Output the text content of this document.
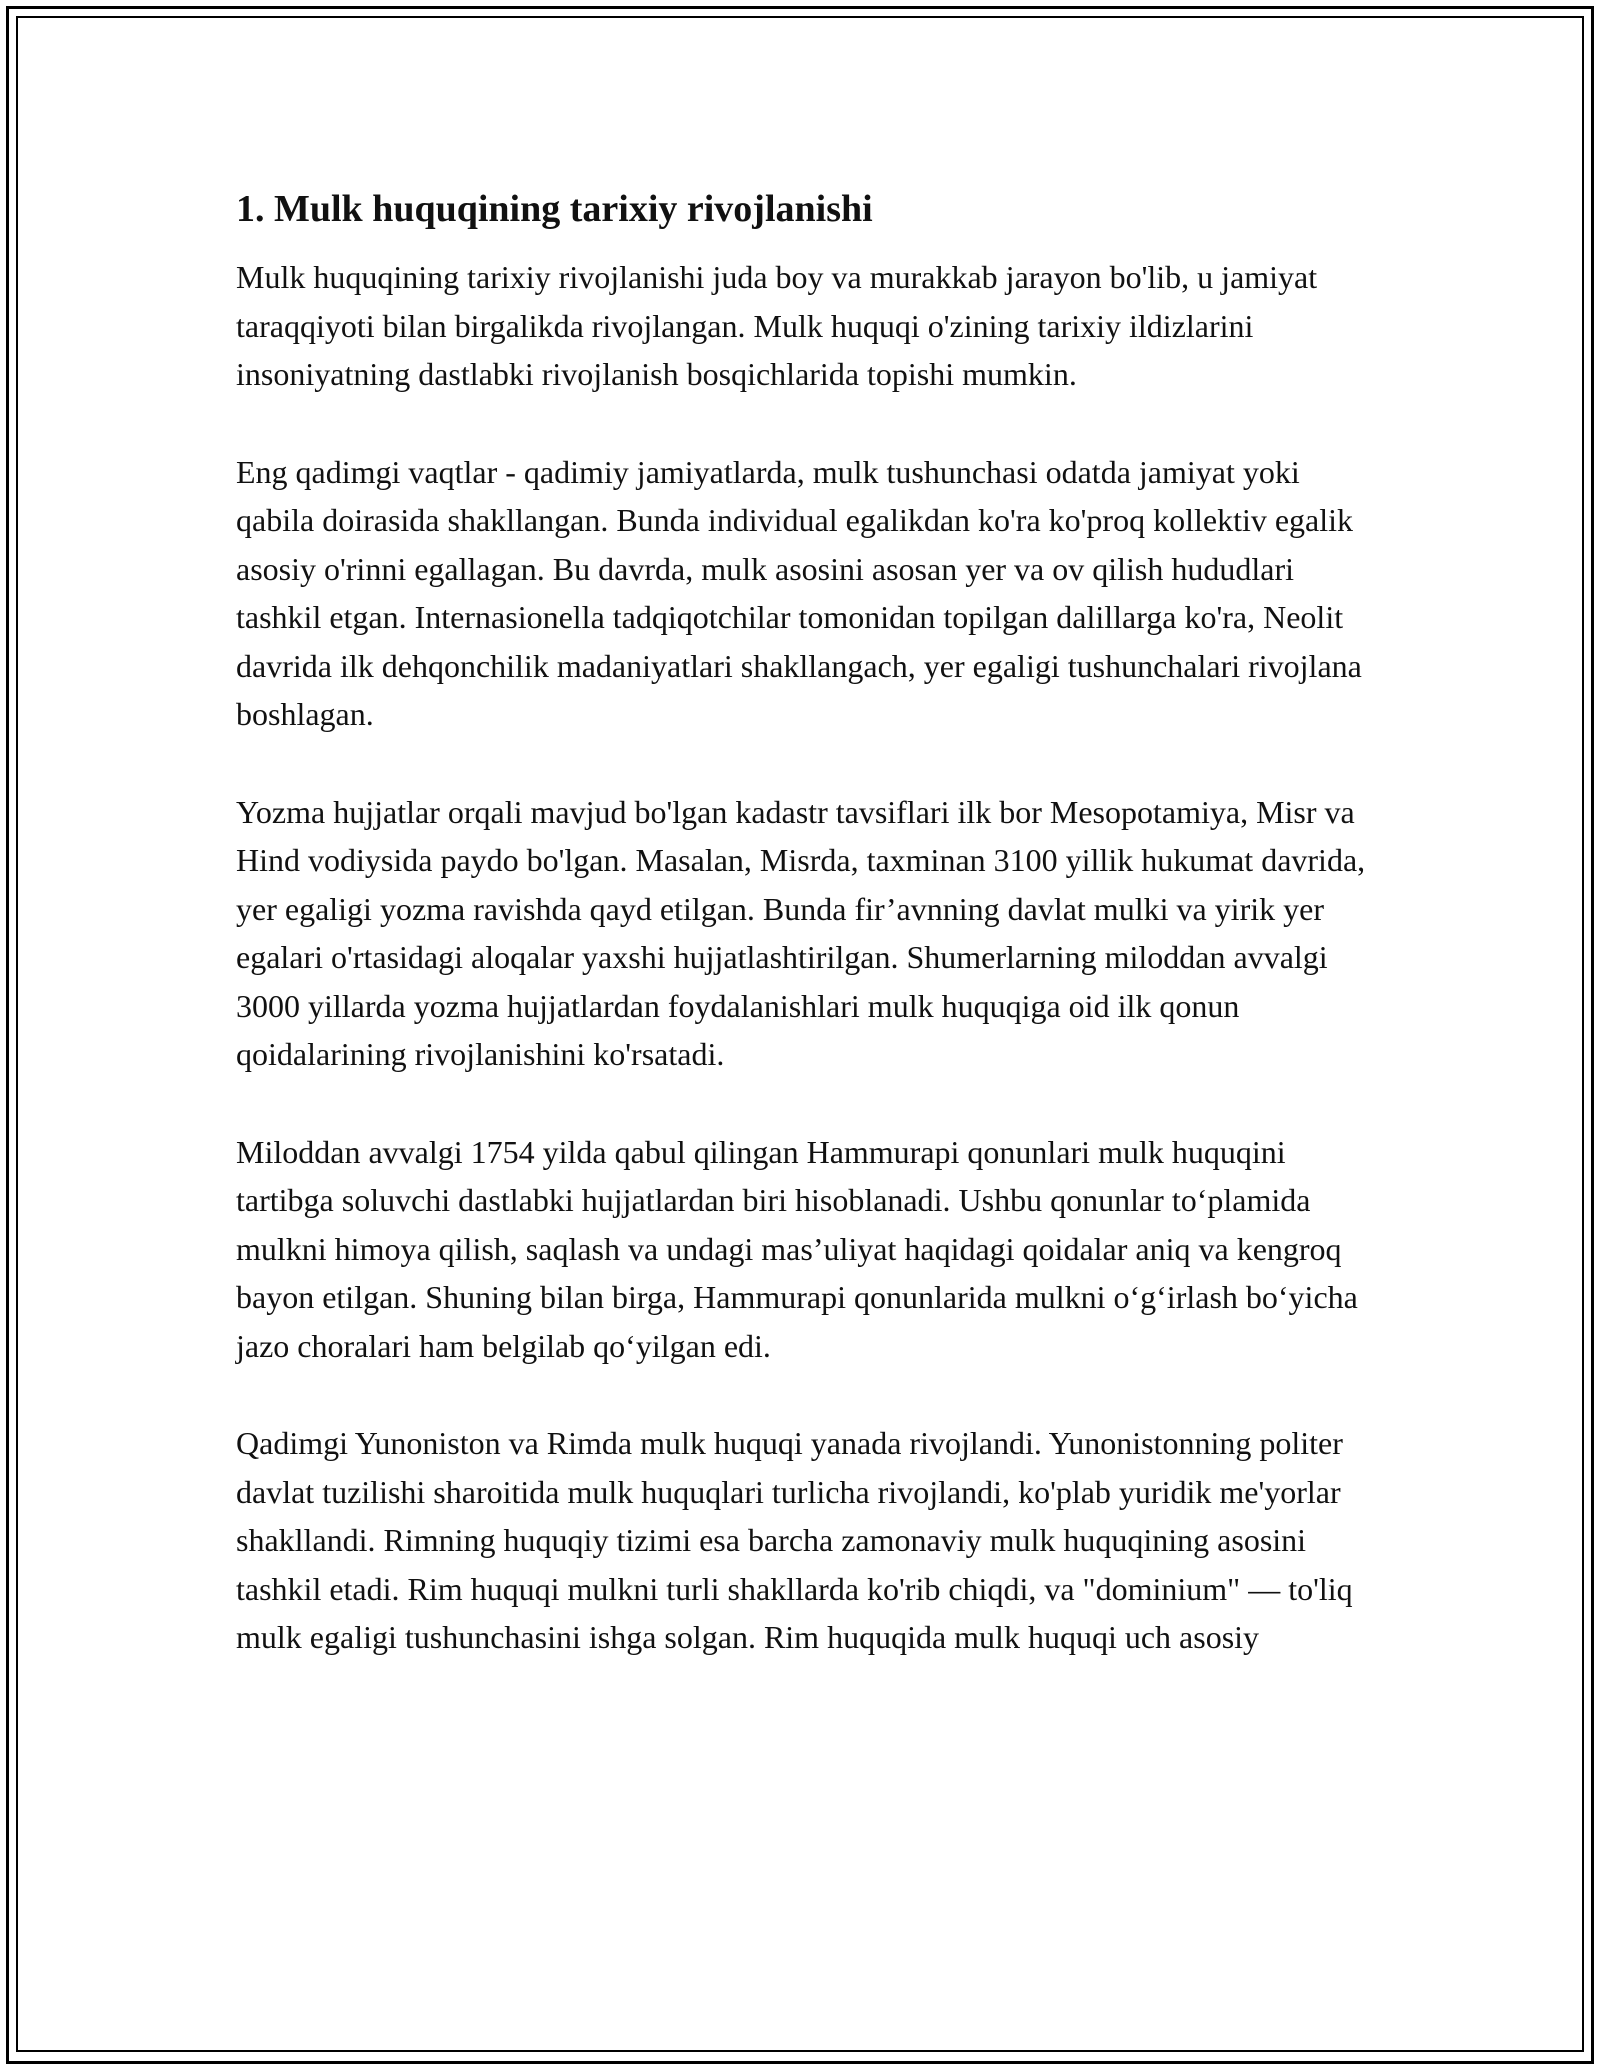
1. Mulk huquqining tarixiy rivojlanishi

Mulk huquqining tarixiy rivojlanishi juda boy va murakkab jarayon bo'lib, u jamiyat taraqqiyoti bilan birgalikda rivojlangan. Mulk huquqi o'zining tarixiy ildizlarini insoniyatning dastlabki rivojlanish bosqichlarida topishi mumkin.

Eng qadimgi vaqtlar - qadimiy jamiyatlarda, mulk tushunchasi odatda jamiyat yoki qabila doirasida shakllangan. Bunda individual egalikdan ko'ra ko'proq kollektiv egalik asosiy o'rinni egallagan. Bu davrda, mulk asosini asosan yer va ov qilish hududlari tashkil etgan. Internasionella tadqiqotchilar tomonidan topilgan dalillarga ko'ra, Neolit davrida ilk dehqonchilik madaniyatlari shakllangach, yer egaligi tushunchalari rivojlana boshlagan.

Yozma hujjatlar orqali mavjud bo'lgan kadastr tavsiflari ilk bor Mesopotamiya, Misr va Hind vodiysida paydo bo'lgan. Masalan, Misrda, taxminan 3100 yillik hukumat davrida, yer egaligi yozma ravishda qayd etilgan. Bunda fir’avnning davlat mulki va yirik yer egalari o'rtasidagi aloqalar yaxshi hujjatlashtirilgan. Shumerlarning miloddan avvalgi 3000 yillarda yozma hujjatlardan foydalanishlari mulk huquqiga oid ilk qonun qoidalarining rivojlanishini ko'rsatadi.

Miloddan avvalgi 1754 yilda qabul qilingan Hammurapi qonunlari mulk huquqini tartibga soluvchi dastlabki hujjatlardan biri hisoblanadi. Ushbu qonunlar to‘plamida mulkni himoya qilish, saqlash va undagi mas’uliyat haqidagi qoidalar aniq va kengroq bayon etilgan. Shuning bilan birga, Hammurapi qonunlarida mulkni o‘g‘irlash bo‘yicha jazo choralari ham belgilab qo‘yilgan edi.

Qadimgi Yunoniston va Rimda mulk huquqi yanada rivojlandi. Yunonistonning politer davlat tuzilishi sharoitida mulk huquqlari turlicha rivojlandi, ko'plab yuridik me'yorlar shakllandi. Rimning huquqiy tizimi esa barcha zamonaviy mulk huquqining asosini tashkil etadi. Rim huquqi mulkni turli shakllarda ko'rib chiqdi, va "dominium" — to'liq mulk egaligi tushunchasini ishga solgan. Rim huquqida mulk huquqi uch asosiy
